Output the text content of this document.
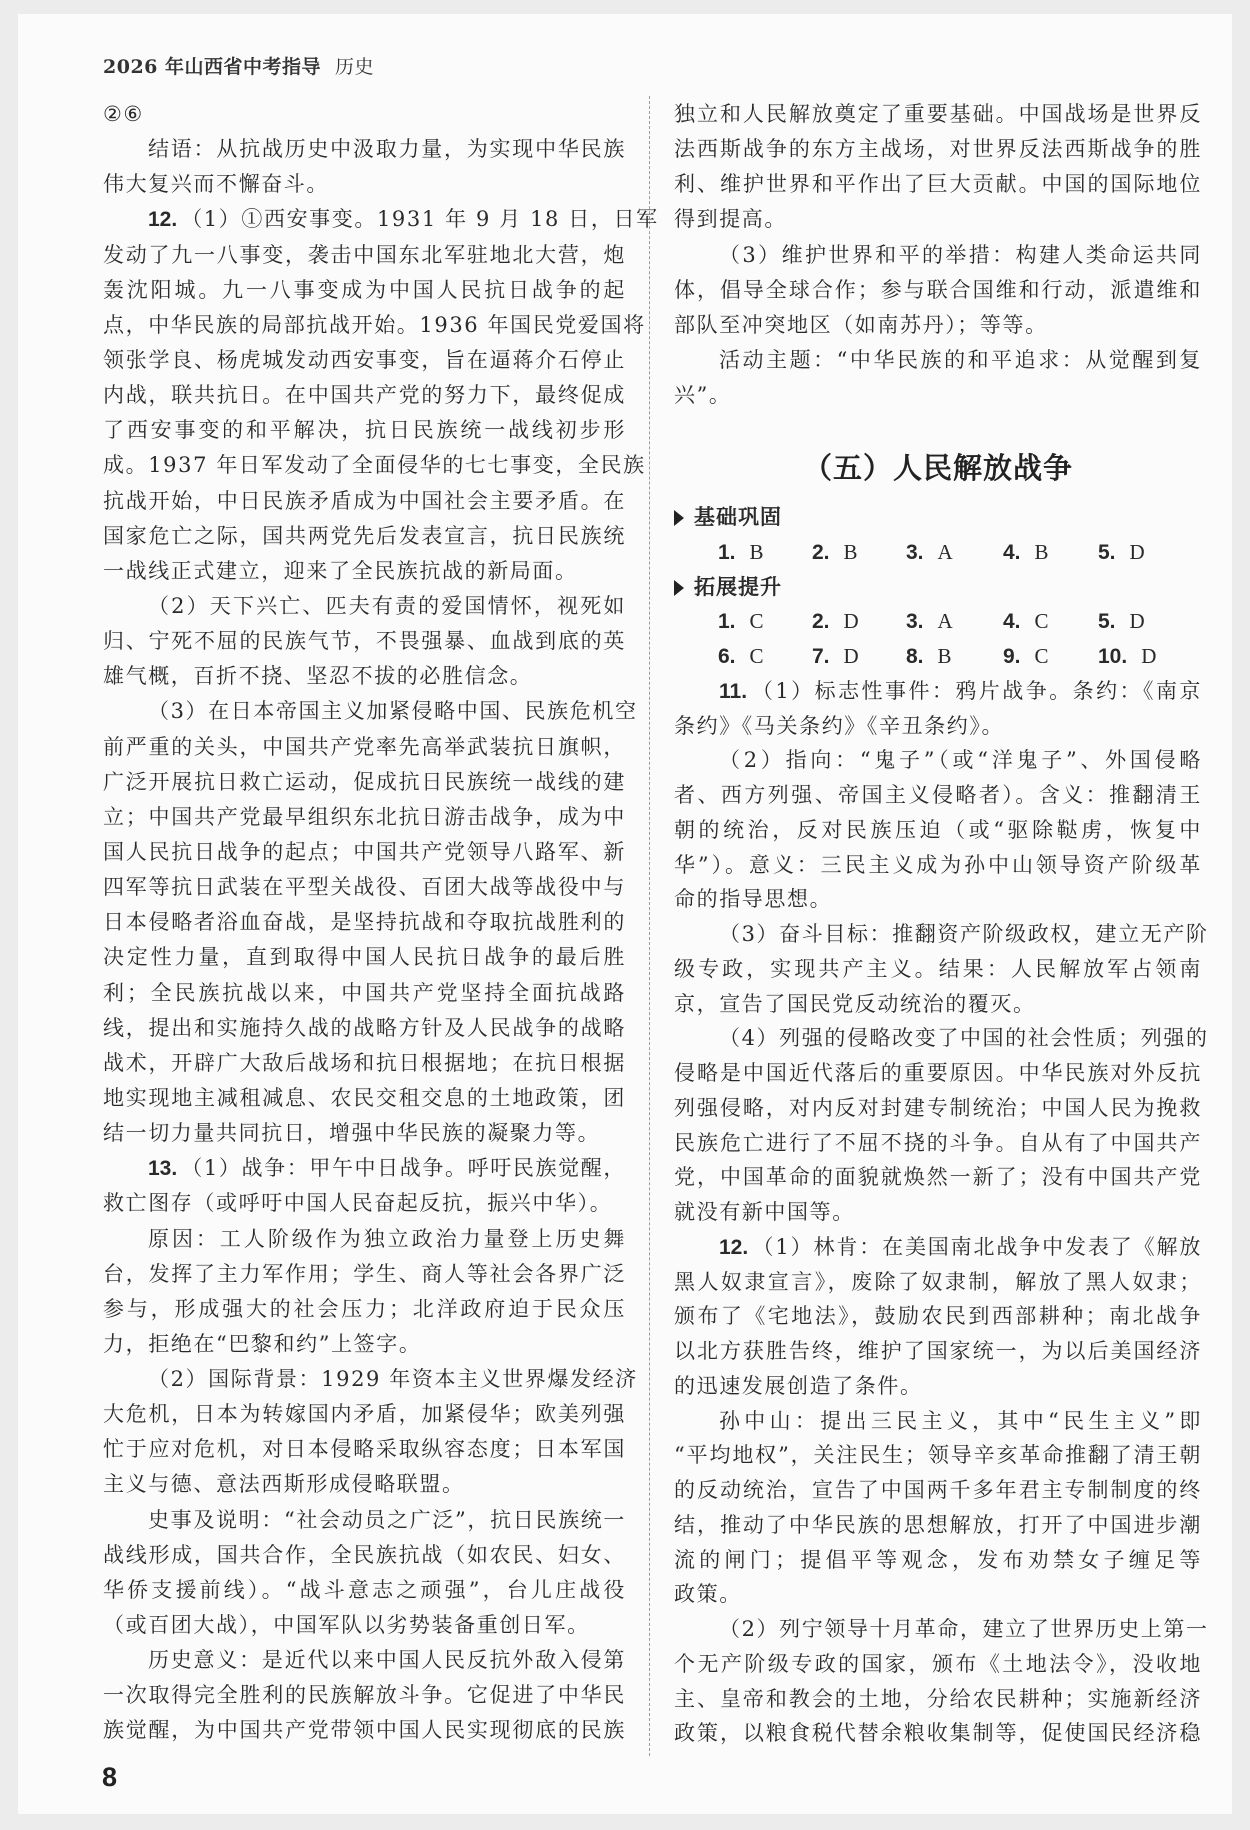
2026 年山西省中考指导 历史
②⑥
结语：从抗战历史中汲取力量，为实现中华民族
伟大复兴而不懈奋斗。
12. （1）①西安事变。1931 年 9 月 18 日，日军
发动了九一八事变，袭击中国东北军驻地北大营，炮
轰沈阳城。九一八事变成为中国人民抗日战争的起
点，中华民族的局部抗战开始。1936 年国民党爱国将
领张学良、杨虎城发动西安事变，旨在逼蒋介石停止
内战，联共抗日。在中国共产党的努力下，最终促成
了西安事变的和平解决，抗日民族统一战线初步形
成。1937 年日军发动了全面侵华的七七事变，全民族
抗战开始，中日民族矛盾成为中国社会主要矛盾。在
国家危亡之际，国共两党先后发表宣言，抗日民族统
一战线正式建立，迎来了全民族抗战的新局面。
（2）天下兴亡、匹夫有责的爱国情怀，视死如
归、宁死不屈的民族气节，不畏强暴、血战到底的英
雄气概，百折不挠、坚忍不拔的必胜信念。
（3）在日本帝国主义加紧侵略中国、民族危机空
前严重的关头，中国共产党率先高举武装抗日旗帜，
广泛开展抗日救亡运动，促成抗日民族统一战线的建
立；中国共产党最早组织东北抗日游击战争，成为中
国人民抗日战争的起点；中国共产党领导八路军、新
四军等抗日武装在平型关战役、百团大战等战役中与
日本侵略者浴血奋战，是坚持抗战和夺取抗战胜利的
决定性力量，直到取得中国人民抗日战争的最后胜
利；全民族抗战以来，中国共产党坚持全面抗战路
线，提出和实施持久战的战略方针及人民战争的战略
战术，开辟广大敌后战场和抗日根据地；在抗日根据
地实现地主减租减息、农民交租交息的土地政策，团
结一切力量共同抗日，增强中华民族的凝聚力等。
13. （1）战争：甲午中日战争。呼吁民族觉醒，
救亡图存（或呼吁中国人民奋起反抗，振兴中华）。
原因：工人阶级作为独立政治力量登上历史舞
台，发挥了主力军作用；学生、商人等社会各界广泛
参与，形成强大的社会压力；北洋政府迫于民众压
力，拒绝在“巴黎和约”上签字。
（2）国际背景：1929 年资本主义世界爆发经济
大危机，日本为转嫁国内矛盾，加紧侵华；欧美列强
忙于应对危机，对日本侵略采取纵容态度；日本军国
主义与德、意法西斯形成侵略联盟。
史事及说明：“社会动员之广泛”，抗日民族统一
战线形成，国共合作，全民族抗战（如农民、妇女、
华侨支援前线）。“战斗意志之顽强”，台儿庄战役
（或百团大战），中国军队以劣势装备重创日军。
历史意义：是近代以来中国人民反抗外敌入侵第
一次取得完全胜利的民族解放斗争。它促进了中华民
族觉醒，为中国共产党带领中国人民实现彻底的民族
独立和人民解放奠定了重要基础。中国战场是世界反
法西斯战争的东方主战场，对世界反法西斯战争的胜
利、维护世界和平作出了巨大贡献。中国的国际地位
得到提高。
（3）维护世界和平的举措：构建人类命运共同
体，倡导全球合作；参与联合国维和行动，派遣维和
部队至冲突地区（如南苏丹）；等等。
活动主题：“中华民族的和平追求：从觉醒到复
兴”。
（五）人民解放战争
基础巩固
1. B 2. B 3. A 4. B 5. D
拓展提升
1. C 2. D 3. A 4. C 5. D
6. C 7. D 8. B 9. C 10. D
11. （1）标志性事件：鸦片战争。条约：《南京
条约》《马关条约》《辛丑条约》。
（2）指向：“鬼子”（或“洋鬼子”、外国侵略
者、西方列强、帝国主义侵略者）。含义：推翻清王
朝的统治，反对民族压迫（或“驱除鞑虏，恢复中
华”）。意义：三民主义成为孙中山领导资产阶级革
命的指导思想。
（3）奋斗目标：推翻资产阶级政权，建立无产阶
级专政，实现共产主义。结果：人民解放军占领南
京，宣告了国民党反动统治的覆灭。
（4）列强的侵略改变了中国的社会性质；列强的
侵略是中国近代落后的重要原因。中华民族对外反抗
列强侵略，对内反对封建专制统治；中国人民为挽救
民族危亡进行了不屈不挠的斗争。自从有了中国共产
党，中国革命的面貌就焕然一新了；没有中国共产党
就没有新中国等。
12. （1）林肯：在美国南北战争中发表了《解放
黑人奴隶宣言》，废除了奴隶制，解放了黑人奴隶；
颁布了《宅地法》，鼓励农民到西部耕种；南北战争
以北方获胜告终，维护了国家统一，为以后美国经济
的迅速发展创造了条件。
孙中山：提出三民主义，其中“民生主义”即
“平均地权”，关注民生；领导辛亥革命推翻了清王朝
的反动统治，宣告了中国两千多年君主专制制度的终
结，推动了中华民族的思想解放，打开了中国进步潮
流的闸门；提倡平等观念，发布劝禁女子缠足等
政策。
（2）列宁领导十月革命，建立了世界历史上第一
个无产阶级专政的国家，颁布《土地法令》，没收地
主、皇帝和教会的土地，分给农民耕种；实施新经济
政策，以粮食税代替余粮收集制等，促使国民经济稳
8
